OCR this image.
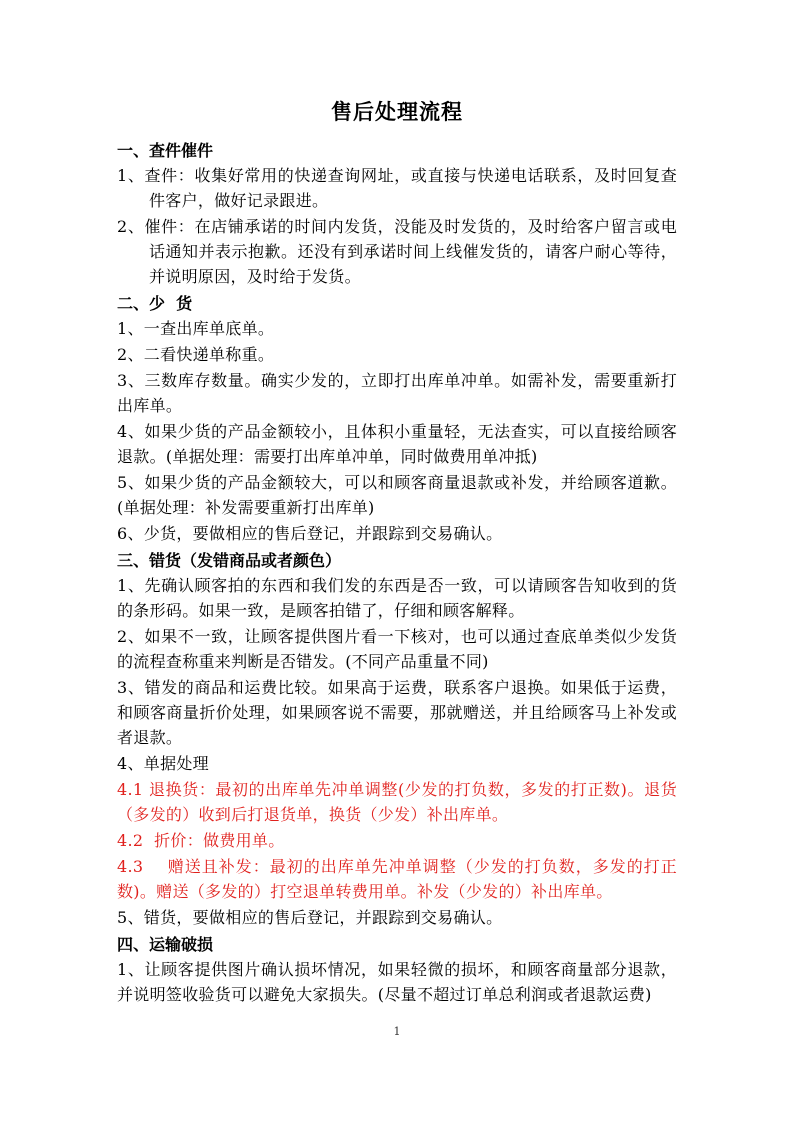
售后处理流程
一、查件催件
1、查件：收集好常用的快递查询网址，或直接与快递电话联系，及时回复查件客户，做好记录跟进。
2、催件：在店铺承诺的时间内发货，没能及时发货的，及时给客户留言或电话通知并表示抱歉。还没有到承诺时间上线催发货的，请客户耐心等待，并说明原因，及时给于发货。
二、少  货
1、一查出库单底单。
2、二看快递单称重。
3、三数库存数量。确实少发的，立即打出库单冲单。如需补发，需要重新打出库单。
4、如果少货的产品金额较小，且体积小重量轻，无法查实，可以直接给顾客退款。(单据处理：需要打出库单冲单，同时做费用单冲抵)
5、如果少货的产品金额较大，可以和顾客商量退款或补发，并给顾客道歉。(单据处理：补发需要重新打出库单)
6、少货，要做相应的售后登记，并跟踪到交易确认。
三、错货（发错商品或者颜色）
1、先确认顾客拍的东西和我们发的东西是否一致，可以请顾客告知收到的货的条形码。如果一致，是顾客拍错了，仔细和顾客解释。
2、如果不一致，让顾客提供图片看一下核对，也可以通过查底单类似少发货的流程查称重来判断是否错发。(不同产品重量不同)
3、错发的商品和运费比较。如果高于运费，联系客户退换。如果低于运费，和顾客商量折价处理，如果顾客说不需要，那就赠送，并且给顾客马上补发或者退款。
4、单据处理
4.1 退换货：最初的出库单先冲单调整(少发的打负数，多发的打正数)。退货（多发的）收到后打退货单，换货（少发）补出库单。
4.2  折价：做费用单。
4.3    赠送且补发：最初的出库单先冲单调整（少发的打负数，多发的打正数)。赠送（多发的）打空退单转费用单。补发（少发的）补出库单。
5、错货，要做相应的售后登记，并跟踪到交易确认。
四、运输破损
1、让顾客提供图片确认损坏情况，如果轻微的损坏，和顾客商量部分退款，并说明签收验货可以避免大家损失。(尽量不超过订单总利润或者退款运费)
1
